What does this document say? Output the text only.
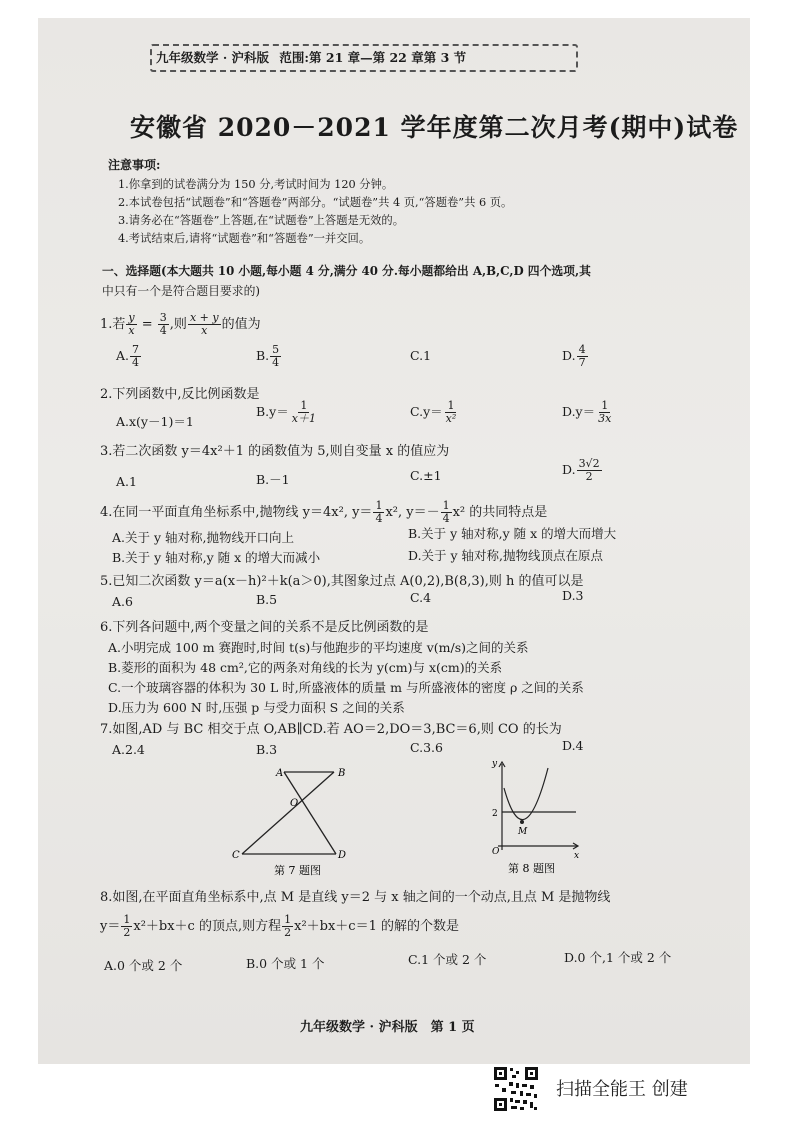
九年级数学 · 沪科版 范围:第 21 章—第 22 章第 3 节
安徽省 2020－2021 学年度第二次月考(期中)试卷
注意事项:
1.你拿到的试卷满分为 150 分,考试时间为 120 分钟。
2.本试卷包括“试题卷”和“答题卷”两部分。“试题卷”共 4 页,“答题卷”共 6 页。
3.请务必在“答题卷”上答题,在“试题卷”上答题是无效的。
4.考试结束后,请将“试题卷”和“答题卷”一并交回。
一、选择题(本大题共 10 小题,每小题 4 分,满分 40 分.每小题都给出 A,B,C,D 四个选项,其
中只有一个是符合题目要求的)
1.若 $\frac{y}{x} = \frac{3}{4}$ ,则 $\frac{x + y}{x}$ 的值为
A. $\frac{7}{4}$	B. $\frac{5}{4}$	C.1	D. $\frac{4}{7}$
2.下列函数中,反比例函数是
A.x(y－1)＝1
$B.y= \frac{1}{x+1}$	$C.y= \frac{1}{\text{x²}}$	$D.y= \frac{1}{3x}$
3.若二次函数 y＝4x²＋1 的函数值为 5,则自变量 x 的值应为
A.1	B.－1	C.±1	D. $\frac{3√2}{2}$
4.在同一平面直角坐标系中,抛物线 y＝4x², $y= \frac{1}{4} x^2$, $y=- \frac{1}{4} x^2$ 的共同特点是
A.关于 y 轴对称,抛物线开口向上	B.关于 y 轴对称,y 随 x 的增大而增大
B.关于 y 轴对称,y 随 x 的增大而减小	D.关于 y 轴对称,抛物线顶点在原点
5.已知二次函数 y＝a(x－h)²＋k(a＞0),其图象过点 A(0,2),B(8,3),则 h 的值可以是
A.6	B.5	C.4	D.3
6.下列各问题中,两个变量之间的关系不是反比例函数的是
A.小明完成 100 m 赛跑时,时间 t(s)与他跑步的平均速度 v(m/s)之间的关系
B.菱形的面积为 48 cm²,它的两条对角线的长为 y(cm)与 x(cm)的关系
C.一个玻璃容器的体积为 30 L 时,所盛液体的质量 m 与所盛液体的密度 ρ 之间的关系
D.压力为 600 N 时,压强 p 与受力面积 S 之间的关系
7.如图,AD 与 BC 相交于点 O,AB∥CD.若 AO＝2,DO＝3,BC＝6,则 CO 的长为
A.2.4	B.3	C.3.6	D.4
A	B
O
C	D
第 7 题图
y
x
O
2
M
第 8 题图
8.如图,在平面直角坐标系中,点 M 是直线 y＝2 与 x 轴之间的一个动点,且点 M 是抛物线
$y= \frac{1}{2} x^2+bx+c$ 的顶点,则方程 $\frac{1}{2} x^2+bx+c=1$ 的解的个数是
A.0 个或 2 个	B.0 个或 1 个	C.1 个或 2 个	D.0 个,1 个或 2 个
九年级数学 · 沪科版　第 1 页
扫描全能王 创建
